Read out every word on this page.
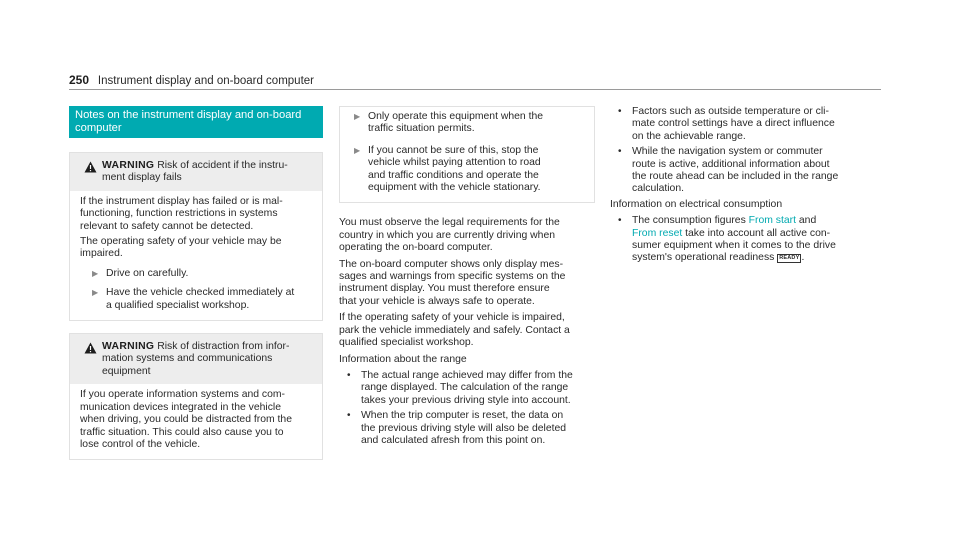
250 Instrument display and on-board computer
Notes on the instrument display and on-board
computer
WARNING Risk of accident if the instru-
ment display fails

If the instrument display has failed or is mal-
functioning, function restrictions in systems
relevant to safety cannot be detected.

The operating safety of your vehicle may be
impaired.

▶ Drive on carefully.
▶ Have the vehicle checked immediately at
a qualified specialist workshop.
WARNING Risk of distraction from infor-
mation systems and communications
equipment

If you operate information systems and com-
munication devices integrated in the vehicle
when driving, you could be distracted from the
traffic situation. This could also cause you to
lose control of the vehicle.

▶ Only operate this equipment when the
traffic situation permits.
▶ If you cannot be sure of this, stop the
vehicle whilst paying attention to road
and traffic conditions and operate the
equipment with the vehicle stationary.

You must observe the legal requirements for the
country in which you are currently driving when
operating the on-board computer.

The on-board computer shows only display mes-
sages and warnings from specific systems on the
instrument display. You must therefore ensure
that your vehicle is always safe to operate.

If the operating safety of your vehicle is impaired,
park the vehicle immediately and safely. Contact a
qualified specialist workshop.

Information about the range

•	The actual range achieved may differ from the
range displayed. The calculation of the range
takes your previous driving style into account.
•	When the trip computer is reset, the data on
the previous driving style will also be deleted
and calculated afresh from this point on.
•	Factors such as outside temperature or cli-
mate control settings have a direct influence
on the achievable range.
•	While the navigation system or commuter
route is active, additional information about
the route ahead can be included in the range
calculation.

Information on electrical consumption

•	The consumption figures From start and
From reset take into account all active con-
sumer equipment when it comes to the drive
system's operational readiness READY .
